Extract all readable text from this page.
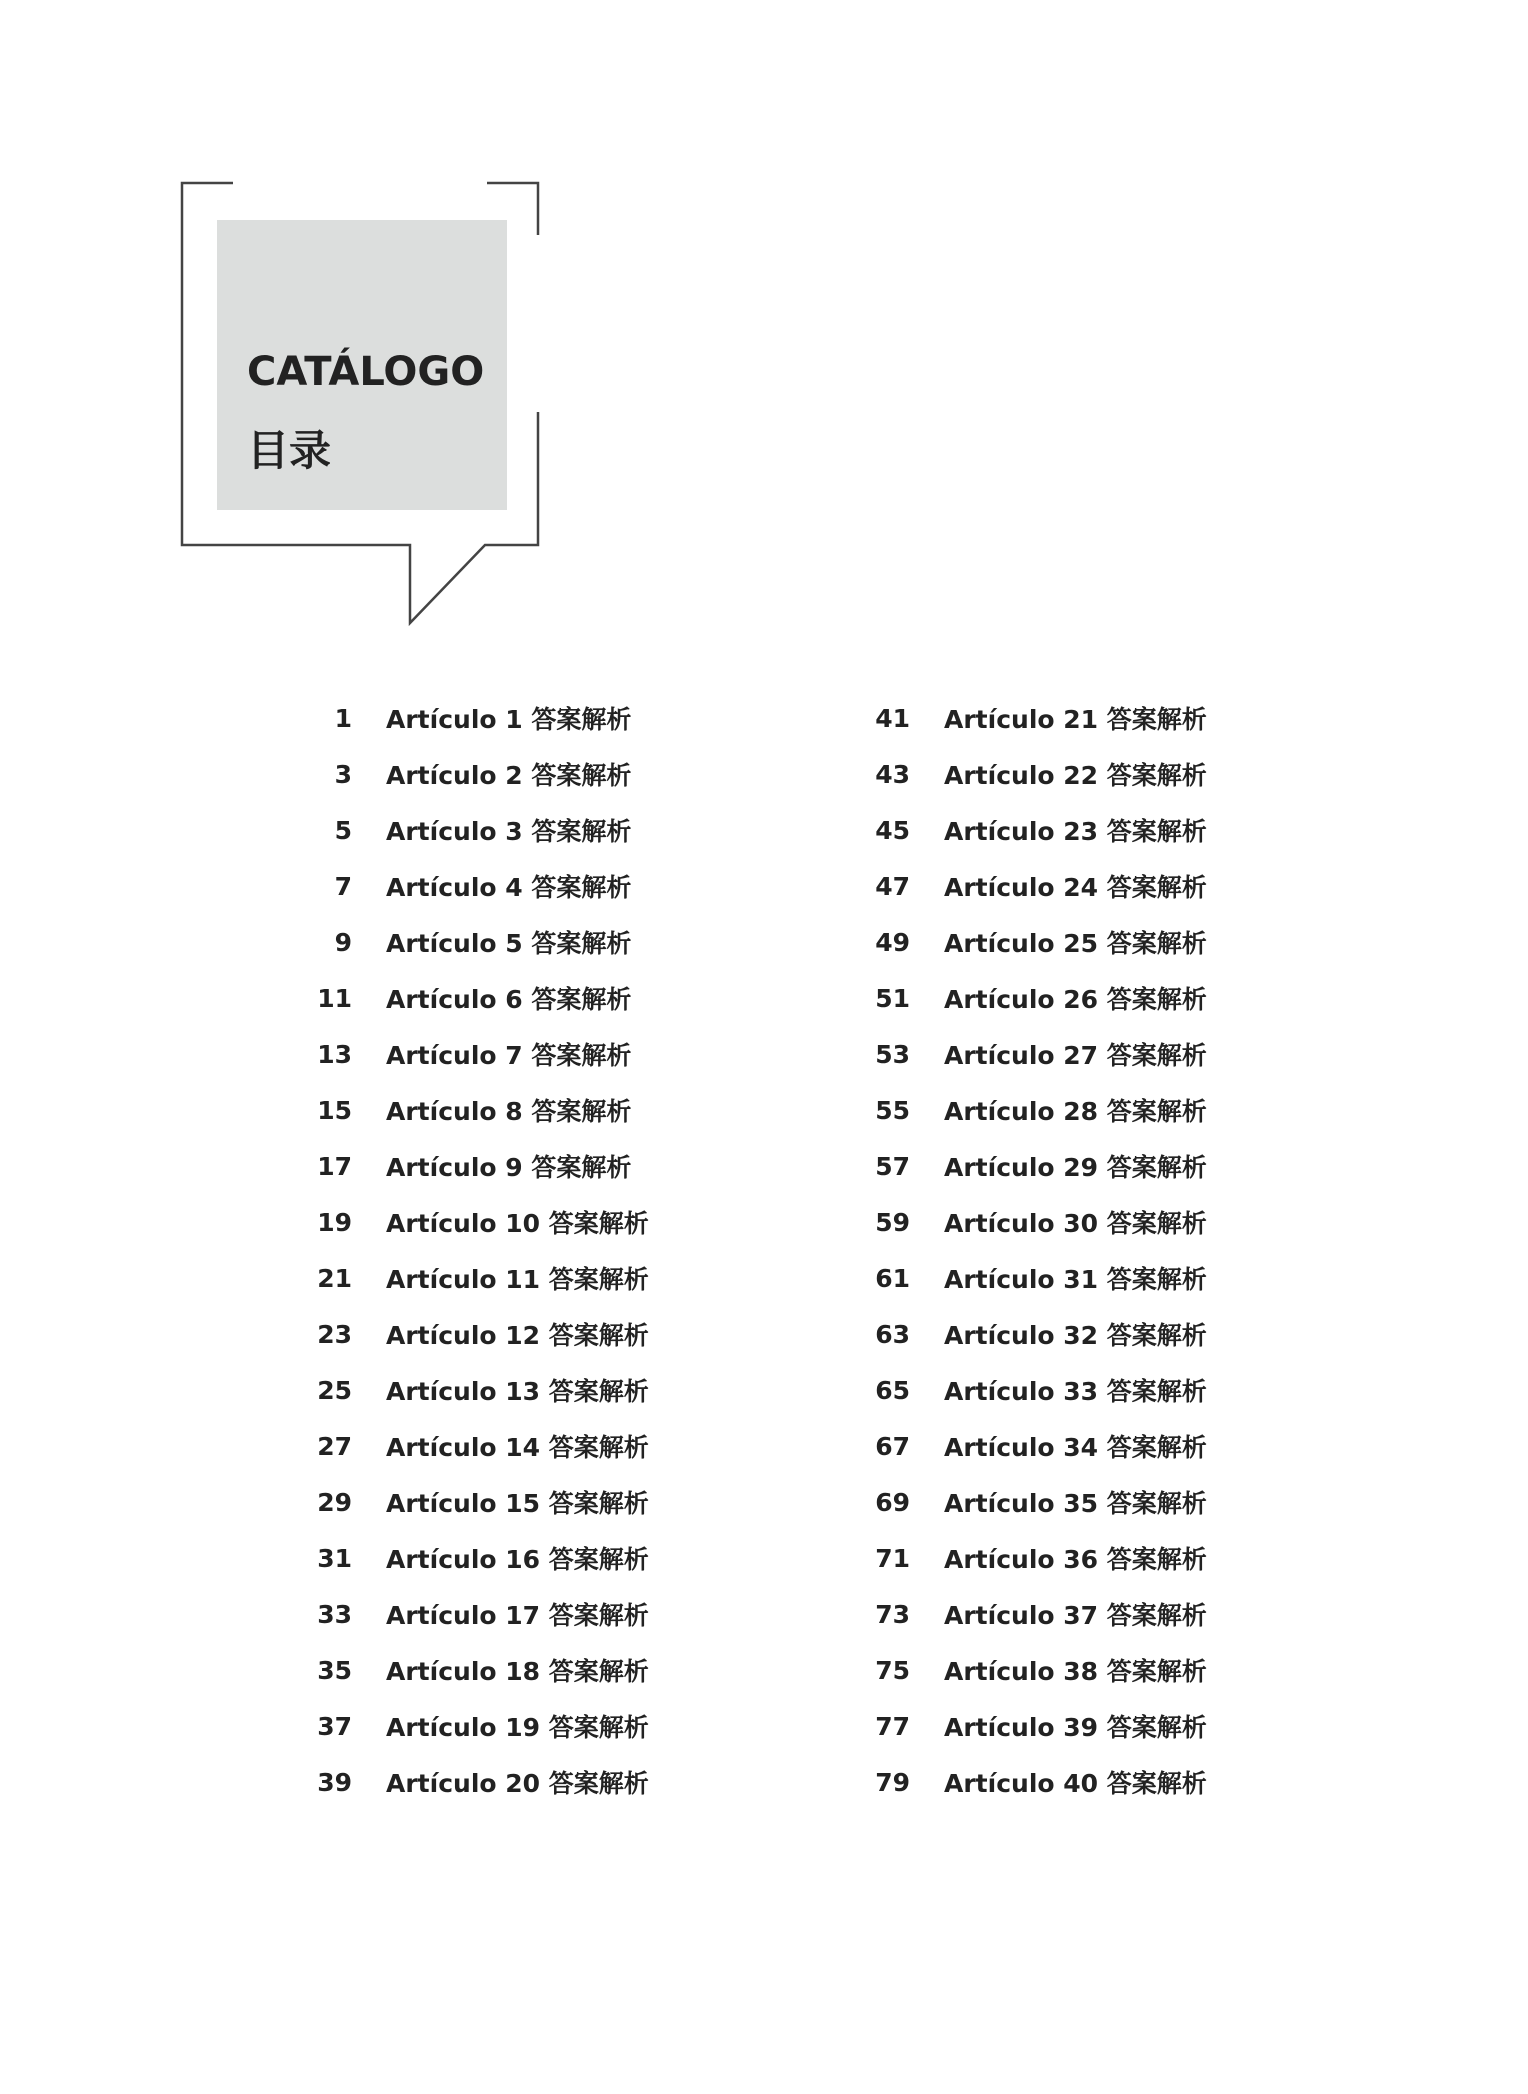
CATÁLOGO
目录
1 Artículo 1 答案解析
3 Artículo 2 答案解析
5 Artículo 3 答案解析
7 Artículo 4 答案解析
9 Artículo 5 答案解析
11 Artículo 6 答案解析
13 Artículo 7 答案解析
15 Artículo 8 答案解析
17 Artículo 9 答案解析
19 Artículo 10 答案解析
21 Artículo 11 答案解析
23 Artículo 12 答案解析
25 Artículo 13 答案解析
27 Artículo 14 答案解析
29 Artículo 15 答案解析
31 Artículo 16 答案解析
33 Artículo 17 答案解析
35 Artículo 18 答案解析
37 Artículo 19 答案解析
39 Artículo 20 答案解析
41 Artículo 21 答案解析
43 Artículo 22 答案解析
45 Artículo 23 答案解析
47 Artículo 24 答案解析
49 Artículo 25 答案解析
51 Artículo 26 答案解析
53 Artículo 27 答案解析
55 Artículo 28 答案解析
57 Artículo 29 答案解析
59 Artículo 30 答案解析
61 Artículo 31 答案解析
63 Artículo 32 答案解析
65 Artículo 33 答案解析
67 Artículo 34 答案解析
69 Artículo 35 答案解析
71 Artículo 36 答案解析
73 Artículo 37 答案解析
75 Artículo 38 答案解析
77 Artículo 39 答案解析
79 Artículo 40 答案解析
